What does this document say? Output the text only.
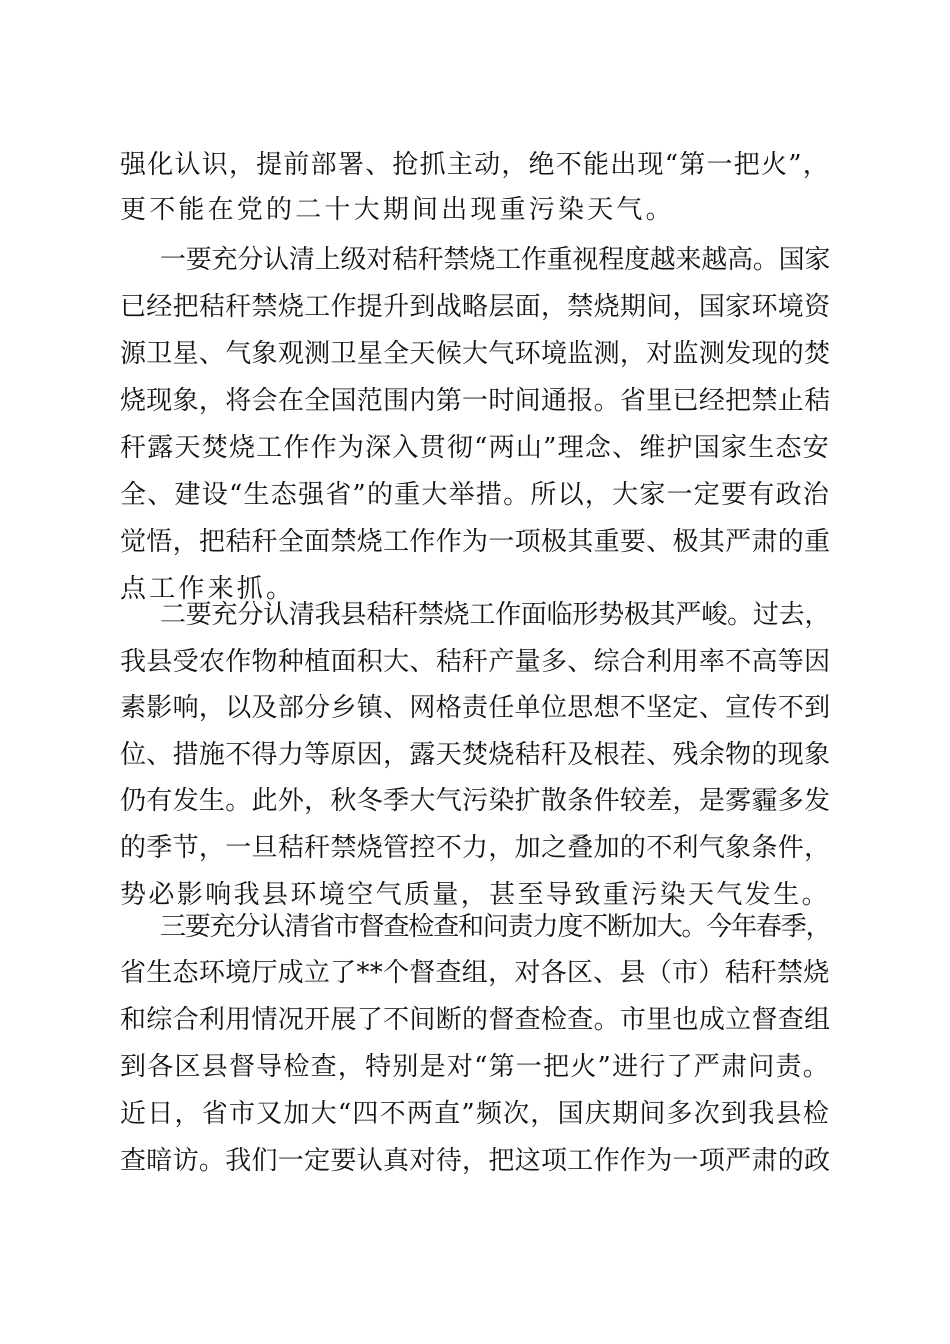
强化认识，提前部署、抢抓主动，绝不能出现“第一把火”，
更不能在党的二十大期间出现重污染天气。
一要充分认清上级对秸秆禁烧工作重视程度越来越高。国家
已经把秸秆禁烧工作提升到战略层面，禁烧期间，国家环境资
源卫星、气象观测卫星全天候大气环境监测，对监测发现的焚
烧现象，将会在全国范围内第一时间通报。省里已经把禁止秸
秆露天焚烧工作作为深入贯彻“两山”理念、维护国家生态安
全、建设“生态强省”的重大举措。所以，大家一定要有政治
觉悟，把秸秆全面禁烧工作作为一项极其重要、极其严肃的重
点工作来抓。
二要充分认清我县秸秆禁烧工作面临形势极其严峻。过去，
我县受农作物种植面积大、秸秆产量多、综合利用率不高等因
素影响，以及部分乡镇、网格责任单位思想不坚定、宣传不到
位、措施不得力等原因，露天焚烧秸秆及根茬、残余物的现象
仍有发生。此外，秋冬季大气污染扩散条件较差，是雾霾多发
的季节，一旦秸秆禁烧管控不力，加之叠加的不利气象条件，
势必影响我县环境空气质量，甚至导致重污染天气发生。
三要充分认清省市督查检查和问责力度不断加大。今年春季，
省生态环境厅成立了**个督查组，对各区、县（市）秸秆禁烧
和综合利用情况开展了不间断的督查检查。市里也成立督查组
到各区县督导检查，特别是对“第一把火”进行了严肃问责。
近日，省市又加大“四不两直”频次，国庆期间多次到我县检
查暗访。我们一定要认真对待，把这项工作作为一项严肃的政
